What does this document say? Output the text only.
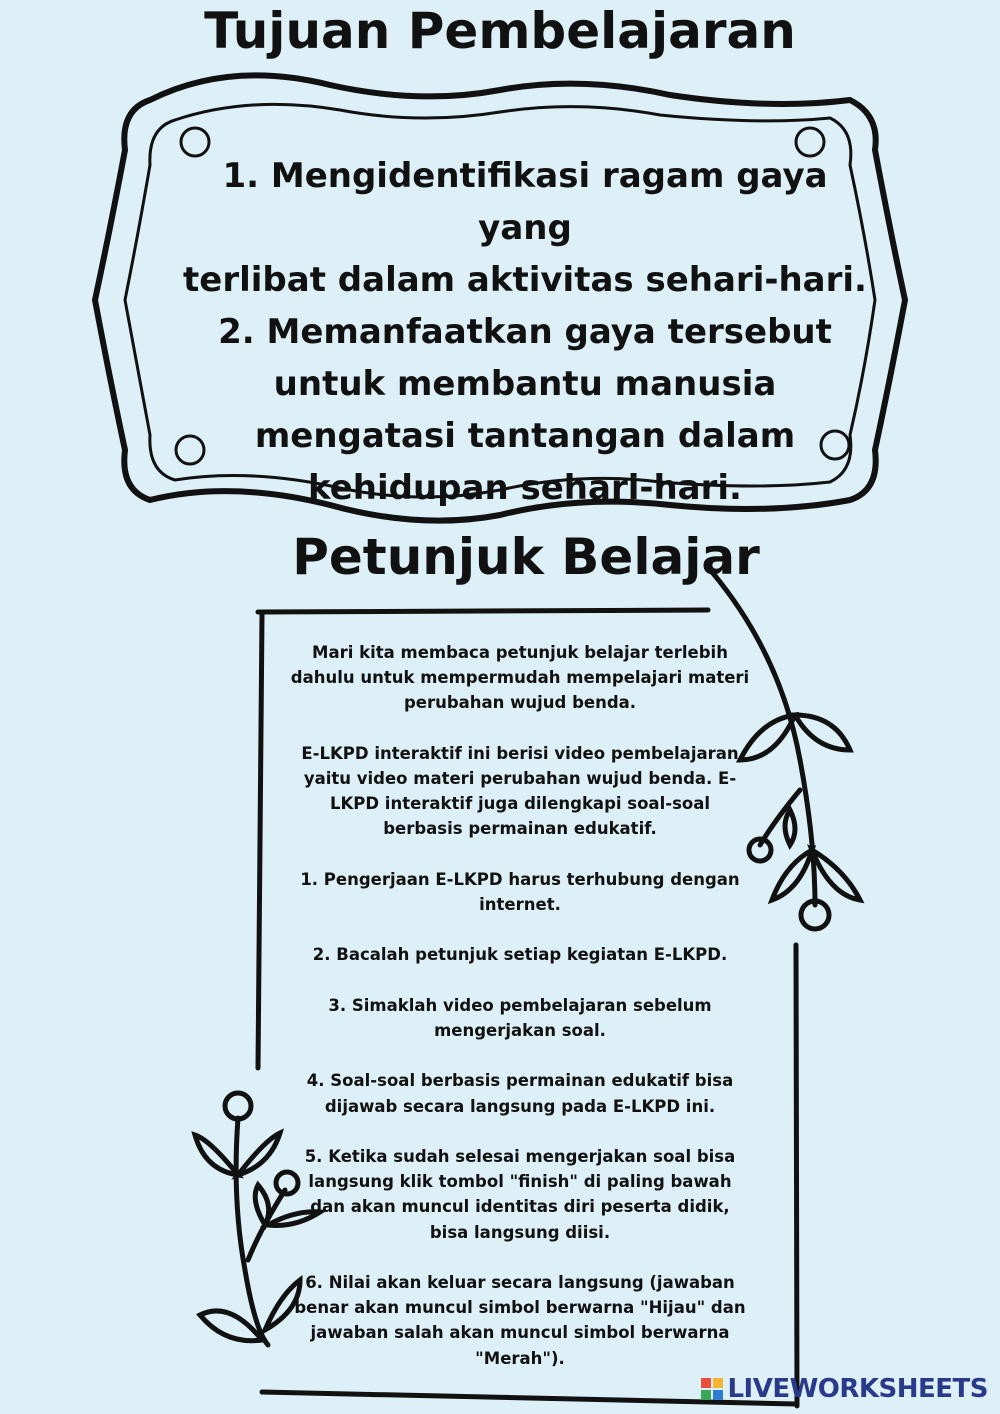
Tujuan Pembelajaran
1. Mengidentifikasi ragam gaya yang
terlibat dalam aktivitas sehari-hari.
2. Memanfaatkan gaya tersebut
untuk membantu manusia
mengatasi tantangan dalam
kehidupan sehari-hari.
Petunjuk Belajar

Mari kita membaca petunjuk belajar terlebih dahulu untuk mempermudah mempelajari materi perubahan wujud benda.

E-LKPD interaktif ini berisi video pembelajaran yaitu video materi perubahan wujud benda. E-LKPD interaktif juga dilengkapi soal-soal berbasis permainan edukatif.

1. Pengerjaan E-LKPD harus terhubung dengan internet.

2. Bacalah petunjuk setiap kegiatan E-LKPD.

3. Simaklah video pembelajaran sebelum mengerjakan soal.

4. Soal-soal berbasis permainan edukatif bisa dijawab secara langsung pada E-LKPD ini.

5. Ketika sudah selesai mengerjakan soal bisa langsung klik tombol "finish" di paling bawah dan akan muncul identitas diri peserta didik, bisa langsung diisi.

6. Nilai akan keluar secara langsung (jawaban benar akan muncul simbol berwarna "Hijau" dan jawaban salah akan muncul simbol berwarna "Merah").

LIVEWORKSHEETS
